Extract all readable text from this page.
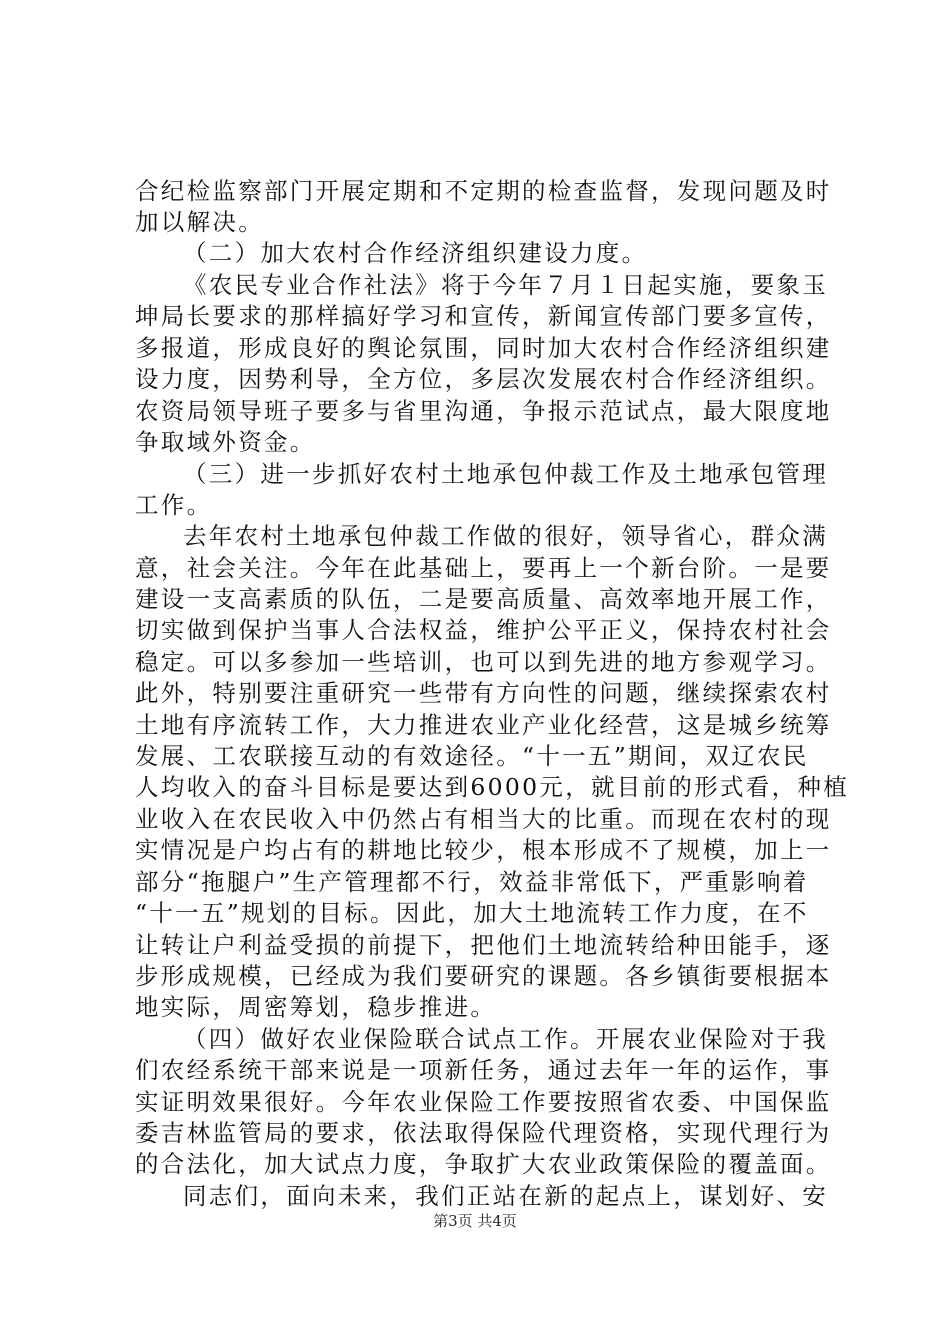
合纪检监察部门开展定期和不定期的检查监督，发现问题及时
加以解决。
（二）加大农村合作经济组织建设力度。
《农民专业合作社法》将于今年７月１日起实施，要象玉
坤局长要求的那样搞好学习和宣传，新闻宣传部门要多宣传，
多报道，形成良好的舆论氛围，同时加大农村合作经济组织建
设力度，因势利导，全方位，多层次发展农村合作经济组织。
农资局领导班子要多与省里沟通，争报示范试点，最大限度地
争取域外资金。
（三）进一步抓好农村土地承包仲裁工作及土地承包管理
工作。
去年农村土地承包仲裁工作做的很好，领导省心，群众满
意，社会关注。今年在此基础上，要再上一个新台阶。一是要
建设一支高素质的队伍，二是要高质量、高效率地开展工作，
切实做到保护当事人合法权益，维护公平正义，保持农村社会
稳定。可以多参加一些培训，也可以到先进的地方参观学习。
此外，特别要注重研究一些带有方向性的问题，继续探索农村
土地有序流转工作，大力推进农业产业化经营，这是城乡统筹
发展、工农联接互动的有效途径。“十一五”期间，双辽农民
人均收入的奋斗目标是要达到6000元，就目前的形式看，种植
业收入在农民收入中仍然占有相当大的比重。而现在农村的现
实情况是户均占有的耕地比较少，根本形成不了规模，加上一
部分“拖腿户”生产管理都不行，效益非常低下，严重影响着
“十一五”规划的目标。因此，加大土地流转工作力度，在不
让转让户利益受损的前提下，把他们土地流转给种田能手，逐
步形成规模，已经成为我们要研究的课题。各乡镇街要根据本
地实际，周密筹划，稳步推进。
（四）做好农业保险联合试点工作。开展农业保险对于我
们农经系统干部来说是一项新任务，通过去年一年的运作，事
实证明效果很好。今年农业保险工作要按照省农委、中国保监
委吉林监管局的要求，依法取得保险代理资格，实现代理行为
的合法化，加大试点力度，争取扩大农业政策保险的覆盖面。
同志们，面向未来，我们正站在新的起点上，谋划好、安
第3页 共4页
